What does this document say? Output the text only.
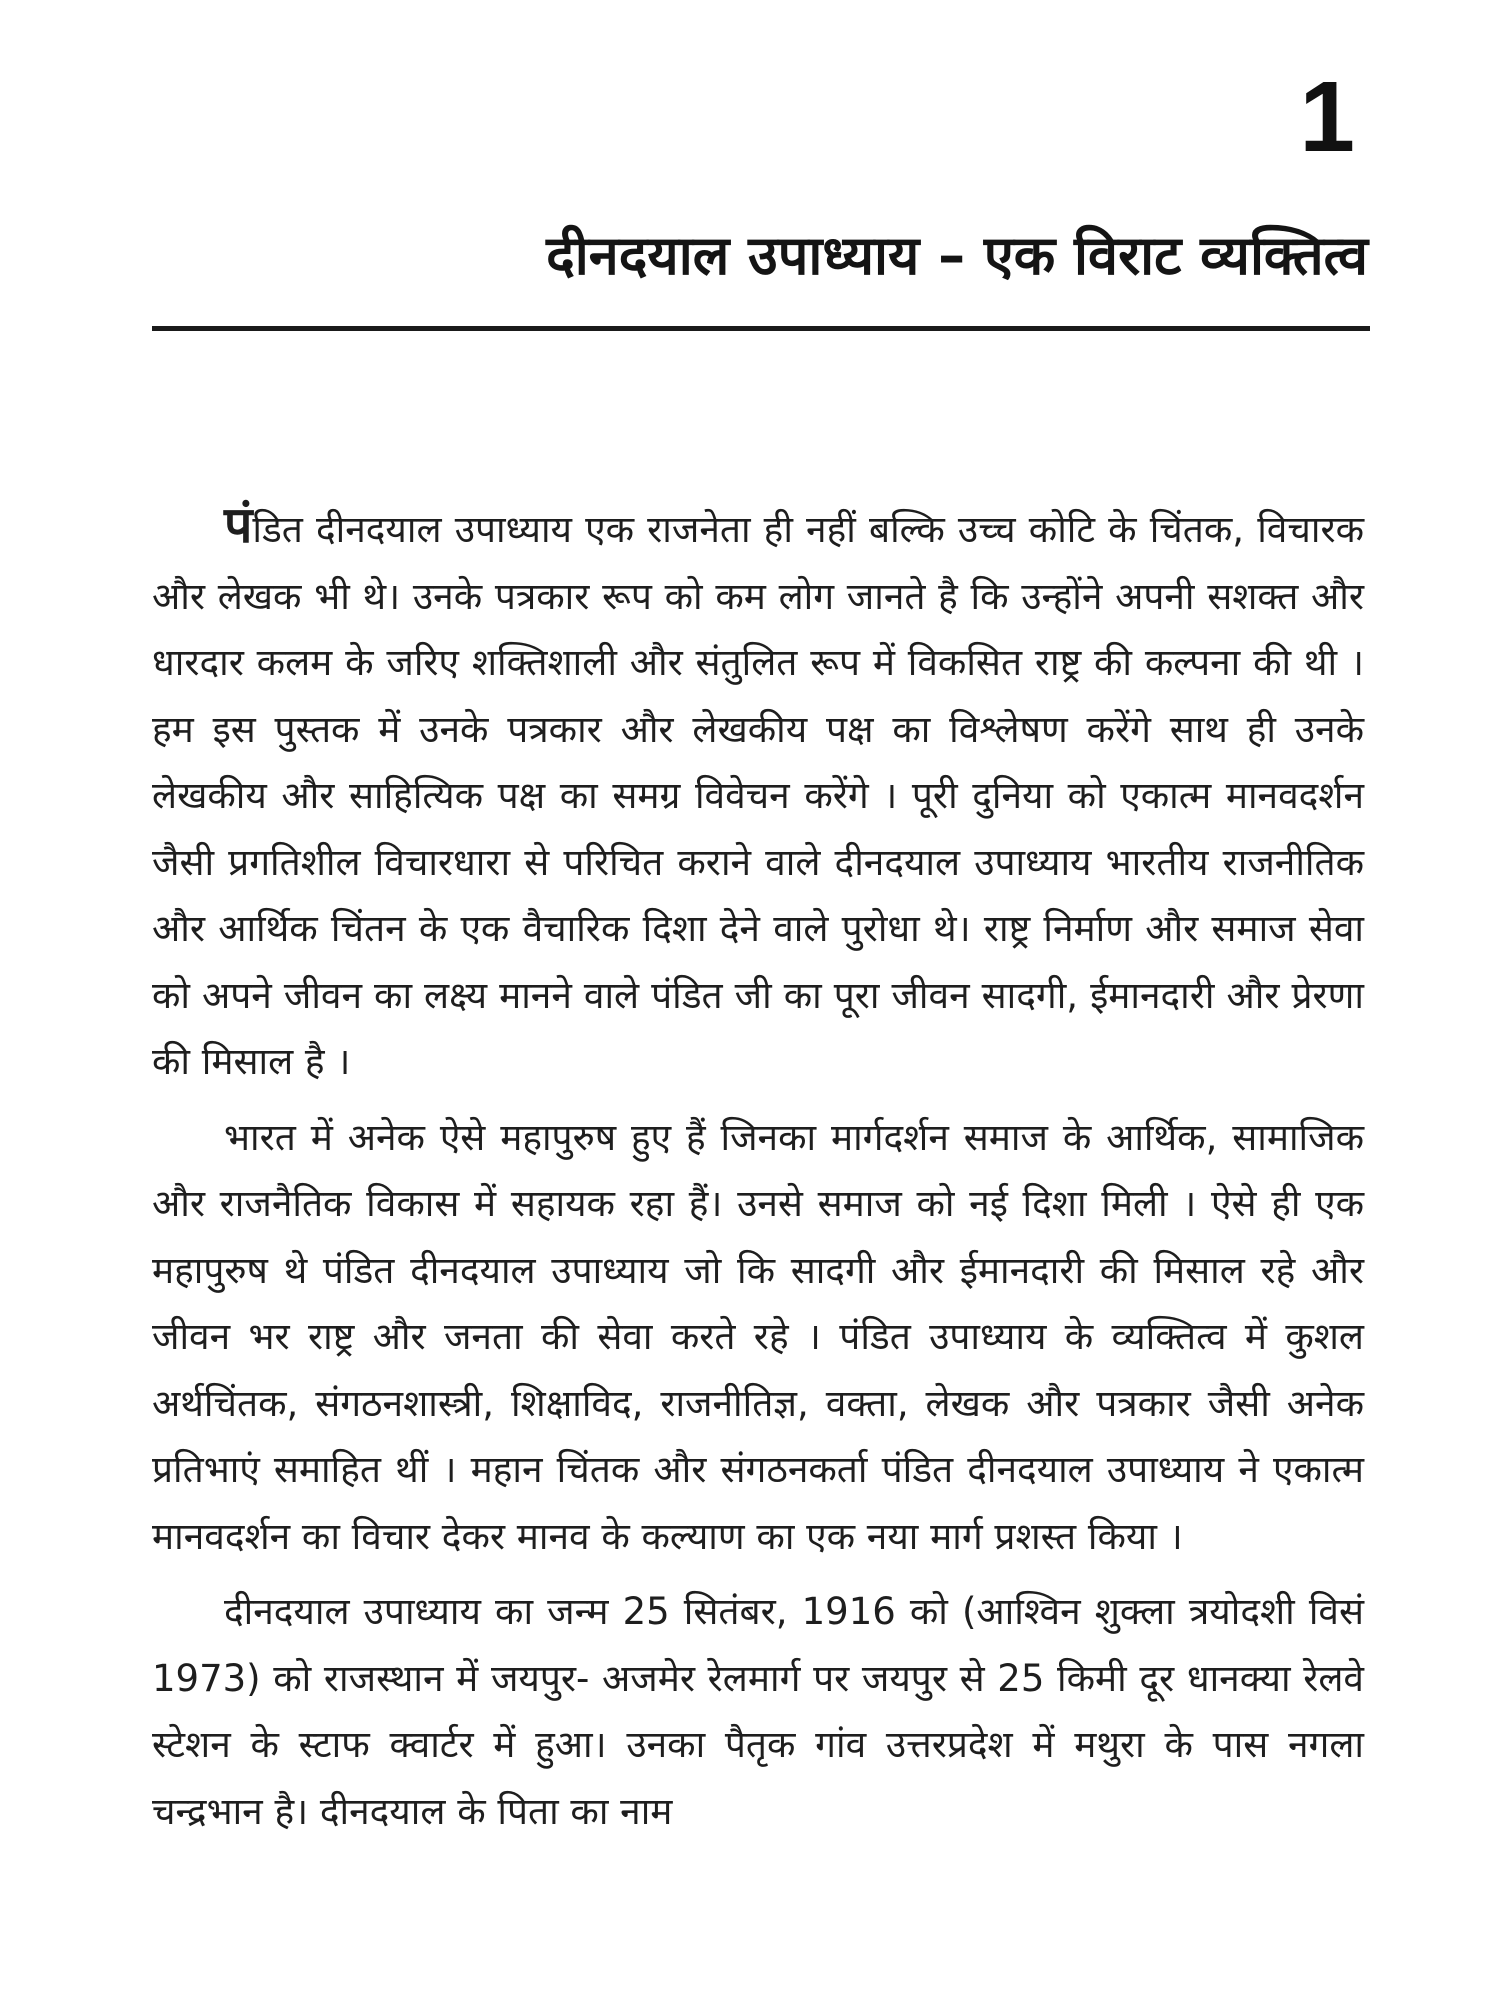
1
दीनदयाल उपाध्याय – एक विराट व्यक्तित्व

पंडित दीनदयाल उपाध्याय एक राजनेता ही नहीं बल्कि उच्च कोटि के चिंतक, विचारक और लेखक भी थे। उनके पत्रकार रूप को कम लोग जानते है कि उन्होंने अपनी सशक्त और धारदार कलम के जरिए शक्तिशाली और संतुलित रूप में विकसित राष्ट्र की कल्पना की थी । हम इस पुस्तक में उनके पत्रकार और लेखकीय पक्ष का विश्लेषण करेंगे साथ ही उनके लेखकीय और साहित्यिक पक्ष का समग्र विवेचन करेंगे । पूरी दुनिया को एकात्म मानवदर्शन जैसी प्रगतिशील विचारधारा से परिचित कराने वाले दीनदयाल उपाध्याय भारतीय राजनीतिक और आर्थिक चिंतन के एक वैचारिक दिशा देने वाले पुरोधा थे। राष्ट्र निर्माण और समाज सेवा को अपने जीवन का लक्ष्य मानने वाले पंडित जी का पूरा जीवन सादगी, ईमानदारी और प्रेरणा की मिसाल है ।

भारत में अनेक ऐसे महापुरुष हुए हैं जिनका मार्गदर्शन समाज के आर्थिक, सामाजिक और राजनैतिक विकास में सहायक रहा हैं। उनसे समाज को नई दिशा मिली । ऐसे ही एक महापुरुष थे पंडित दीनदयाल उपाध्याय जो कि सादगी और ईमानदारी की मिसाल रहे और जीवन भर राष्ट्र और जनता की सेवा करते रहे । पंडित उपाध्याय के व्यक्तित्व में कुशल अर्थचिंतक, संगठनशास्त्री, शिक्षाविद, राजनीतिज्ञ, वक्ता, लेखक और पत्रकार जैसी अनेक प्रतिभाएं समाहित थीं । महान चिंतक और संगठनकर्ता पंडित दीनदयाल उपाध्याय ने एकात्म मानवदर्शन का विचार देकर मानव के कल्याण का एक नया मार्ग प्रशस्त किया ।

दीनदयाल उपाध्याय का जन्म 25 सितंबर, 1916 को (आश्विन शुक्ला त्रयोदशी विसं 1973) को राजस्थान में जयपुर- अजमेर रेलमार्ग पर जयपुर से 25 किमी दूर धानक्या रेलवे स्टेशन के स्टाफ क्वार्टर में हुआ। उनका पैतृक गांव उत्तरप्रदेश में मथुरा के पास नगला चन्द्रभान है। दीनदयाल के पिता का नाम
